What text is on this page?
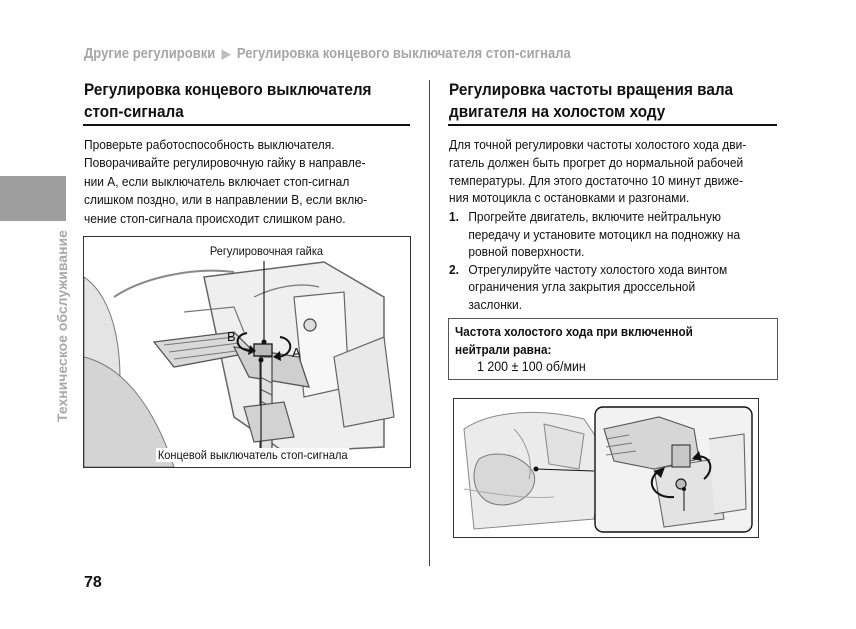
Другие регулировки ▶ Регулировка концевого выключателя стоп-сигнала
Техническое обслуживание
Регулировка концевого выключателя
стоп-сигнала
Проверьте работоспособность выключателя.
Поворачивайте регулировочную гайку в направле-
нии A, если выключатель включает стоп-сигнал
слишком поздно, или в направлении B, если вклю-
чение стоп-сигнала происходит слишком рано.
B
A
Регулировочная гайка
Концевой выключатель стоп-сигнала
Регулировка частоты вращения вала
двигателя на холостом ходу
Для точной регулировки частоты холостого хода дви-
гатель должен быть прогрет до нормальной рабочей
температуры. Для этого достаточно 10 минут движе-
ния мотоцикла с остановками и разгонами.
1. Прогрейте двигатель, включите нейтральную
передачу и установите мотоцикл на подножку на
ровной поверхности.
2. Отрегулируйте частоту холостого хода винтом
ограничения угла закрытия дроссельной
заслонки.
Частота холостого хода при включенной
нейтрали равна:
1 200 ± 100 об/мин
78
